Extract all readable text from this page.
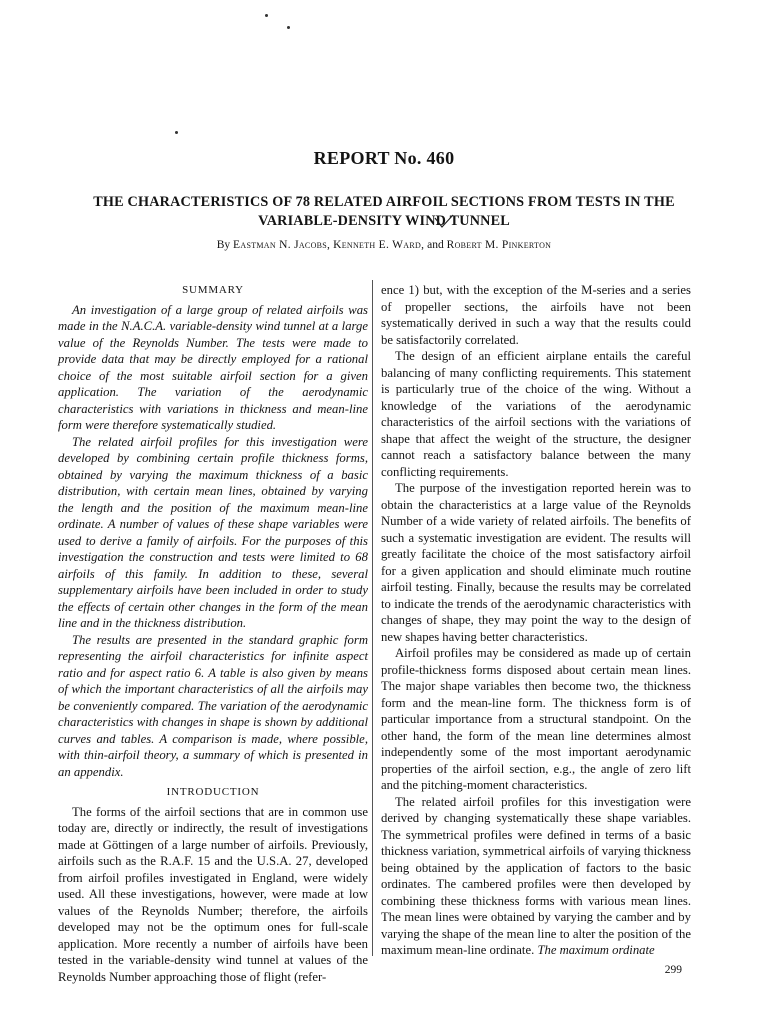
REPORT No. 460
THE CHARACTERISTICS OF 78 RELATED AIRFOIL SECTIONS FROM TESTS IN THE
VARIABLE-DENSITY WIND TUNNEL
By Eastman N. Jacobs, Kenneth E. Ward, and Robert M. Pinkerton
SUMMARY

An investigation of a large group of related airfoils was made in the N.A.C.A. variable-density wind tunnel at a large value of the Reynolds Number. The tests were made to provide data that may be directly employed for a rational choice of the most suitable airfoil section for a given application. The variation of the aerodynamic characteristics with variations in thickness and mean-line form were therefore systematically studied.

The related airfoil profiles for this investigation were developed by combining certain profile thickness forms, obtained by varying the maximum thickness of a basic distribution, with certain mean lines, obtained by varying the length and the position of the maximum mean-line ordinate. A number of values of these shape variables were used to derive a family of airfoils. For the purposes of this investigation the construction and tests were limited to 68 airfoils of this family. In addition to these, several supplementary airfoils have been included in order to study the effects of certain other changes in the form of the mean line and in the thickness distribution.

The results are presented in the standard graphic form representing the airfoil characteristics for infinite aspect ratio and for aspect ratio 6. A table is also given by means of which the important characteristics of all the airfoils may be conveniently compared. The variation of the aerodynamic characteristics with changes in shape is shown by additional curves and tables. A comparison is made, where possible, with thin-airfoil theory, a summary of which is presented in an appendix.

INTRODUCTION

The forms of the airfoil sections that are in common use today are, directly or indirectly, the result of investigations made at Göttingen of a large number of airfoils. Previously, airfoils such as the R.A.F. 15 and the U.S.A. 27, developed from airfoil profiles investigated in England, were widely used. All these investigations, however, were made at low values of the Reynolds Number; therefore, the airfoils developed may not be the optimum ones for full-scale application. More recently a number of airfoils have been tested in the variable-density wind tunnel at values of the Reynolds Number approaching those of flight (refer-

ence 1) but, with the exception of the M-series and a series of propeller sections, the airfoils have not been systematically derived in such a way that the results could be satisfactorily correlated.

The design of an efficient airplane entails the careful balancing of many conflicting requirements. This statement is particularly true of the choice of the wing. Without a knowledge of the variations of the aerodynamic characteristics of the airfoil sections with the variations of shape that affect the weight of the structure, the designer cannot reach a satisfactory balance between the many conflicting requirements.

The purpose of the investigation reported herein was to obtain the characteristics at a large value of the Reynolds Number of a wide variety of related airfoils. The benefits of such a systematic investigation are evident. The results will greatly facilitate the choice of the most satisfactory airfoil for a given application and should eliminate much routine airfoil testing. Finally, because the results may be correlated to indicate the trends of the aerodynamic characteristics with changes of shape, they may point the way to the design of new shapes having better characteristics.

Airfoil profiles may be considered as made up of certain profile-thickness forms disposed about certain mean lines. The major shape variables then become two, the thickness form and the mean-line form. The thickness form is of particular importance from a structural standpoint. On the other hand, the form of the mean line determines almost independently some of the most important aerodynamic properties of the airfoil section, e.g., the angle of zero lift and the pitching-moment characteristics.

The related airfoil profiles for this investigation were derived by changing systematically these shape variables. The symmetrical profiles were defined in terms of a basic thickness variation, symmetrical airfoils of varying thickness being obtained by the application of factors to the basic ordinates. The cambered profiles were then developed by combining these thickness forms with various mean lines. The mean lines were obtained by varying the camber and by varying the shape of the mean line to alter the position of the maximum mean-line ordinate. The maximum ordinate

299
